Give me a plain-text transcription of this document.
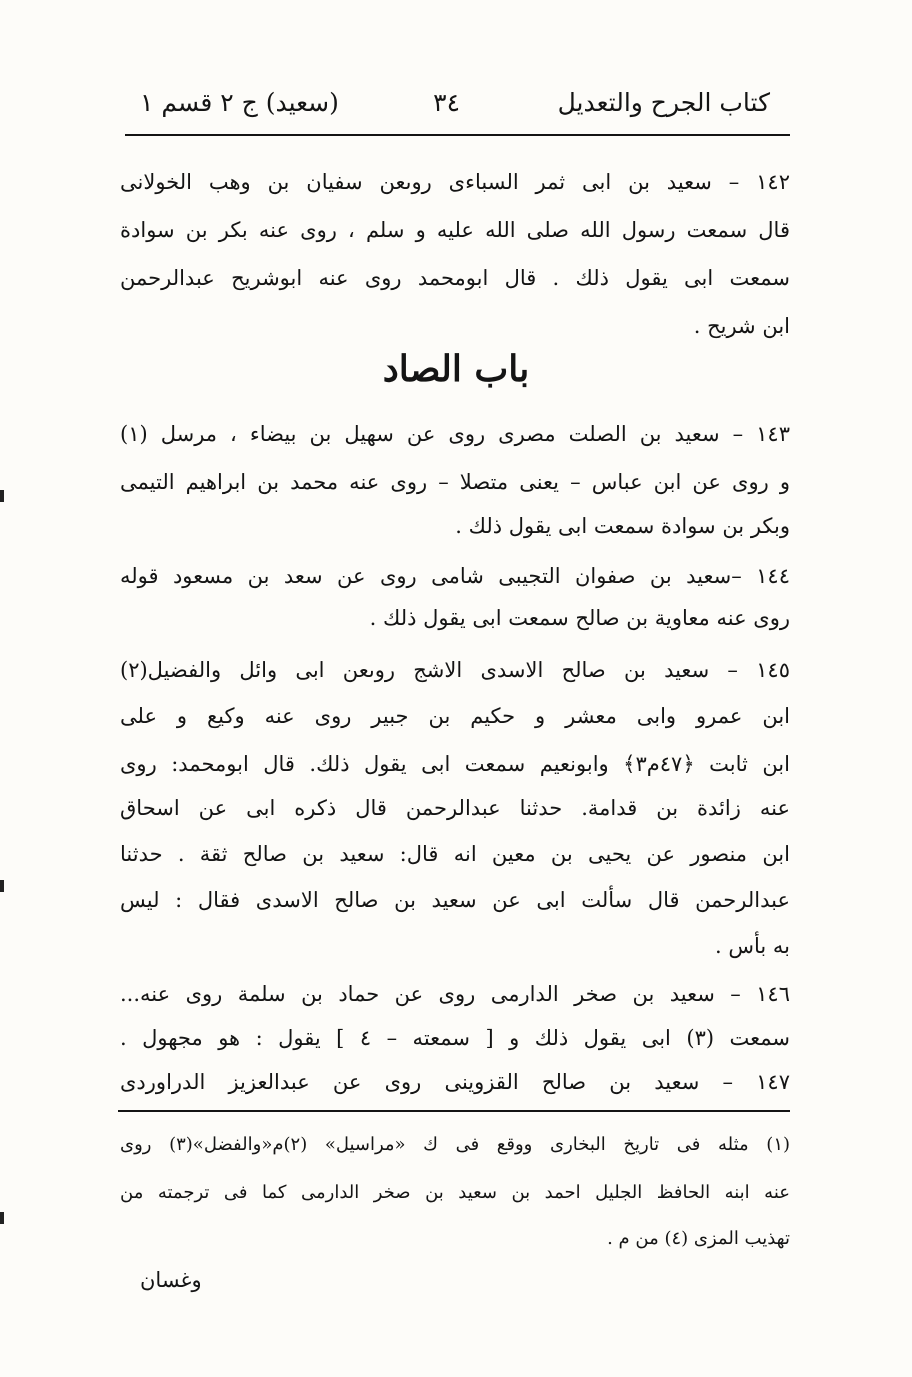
كتاب الجرح والتعديل
٣٤
(سعيد) ج ٢ قسم ١
١٤٢ – سعيد بن ابى ثمر السباءى روىعن سفيان بن وهب الخولانى
قال سمعت رسول الله صلى الله عليه و سلم ، روى عنه بكر بن سوادة
سمعت ابى يقول ذلك . قال ابومحمد روى عنه ابوشريح عبدالرحمن
ابن شريح .
باب الصاد
١٤٣ – سعيد بن الصلت مصرى روى عن سهيل بن بيضاء ، مرسل (١)
و روى عن ابن عباس – يعنى متصلا – روى عنه محمد بن ابراهيم التيمى
وبكر بن سوادة سمعت ابى يقول ذلك .
١٤٤ –سعيد بن صفوان التجيبى شامى روى عن سعد بن مسعود قوله
روى عنه معاوية بن صالح سمعت ابى يقول ذلك .
١٤٥ – سعيد بن صالح الاسدى الاشج روىعن ابى وائل والفضيل(٢)
ابن عمرو وابى معشر و حكيم بن جبير روى عنه وكيع و على
ابن ثابت ﴿٤٧م٣﴾ وابونعيم سمعت ابى يقول ذلك. قال ابومحمد: روى
عنه زائدة بن قدامة. حدثنا عبدالرحمن قال ذكره ابى عن اسحاق
ابن منصور عن يحيى بن معين انه قال: سعيد بن صالح ثقة . حدثنا
عبدالرحمن قال سألت ابى عن سعيد بن صالح الاسدى فقال : ليس
به بأس .
١٤٦ – سعيد بن صخر الدارمى روى عن حماد بن سلمة روى عنه...
سمعت (٣) ابى يقول ذلك و [ سمعته – ٤ ] يقول : هو مجهول .
١٤٧ – سعيد بن صالح القزوينى روى عن عبدالعزيز الدراوردى
(١) مثله فى تاريخ البخارى ووقع فى ك «مراسيل» (٢)م«والفضل»(٣) روى
عنه ابنه الحافظ الجليل احمد بن سعيد بن صخر الدارمى كما فى ترجمته من
تهذيب المزى (٤) من م .
وغسان
